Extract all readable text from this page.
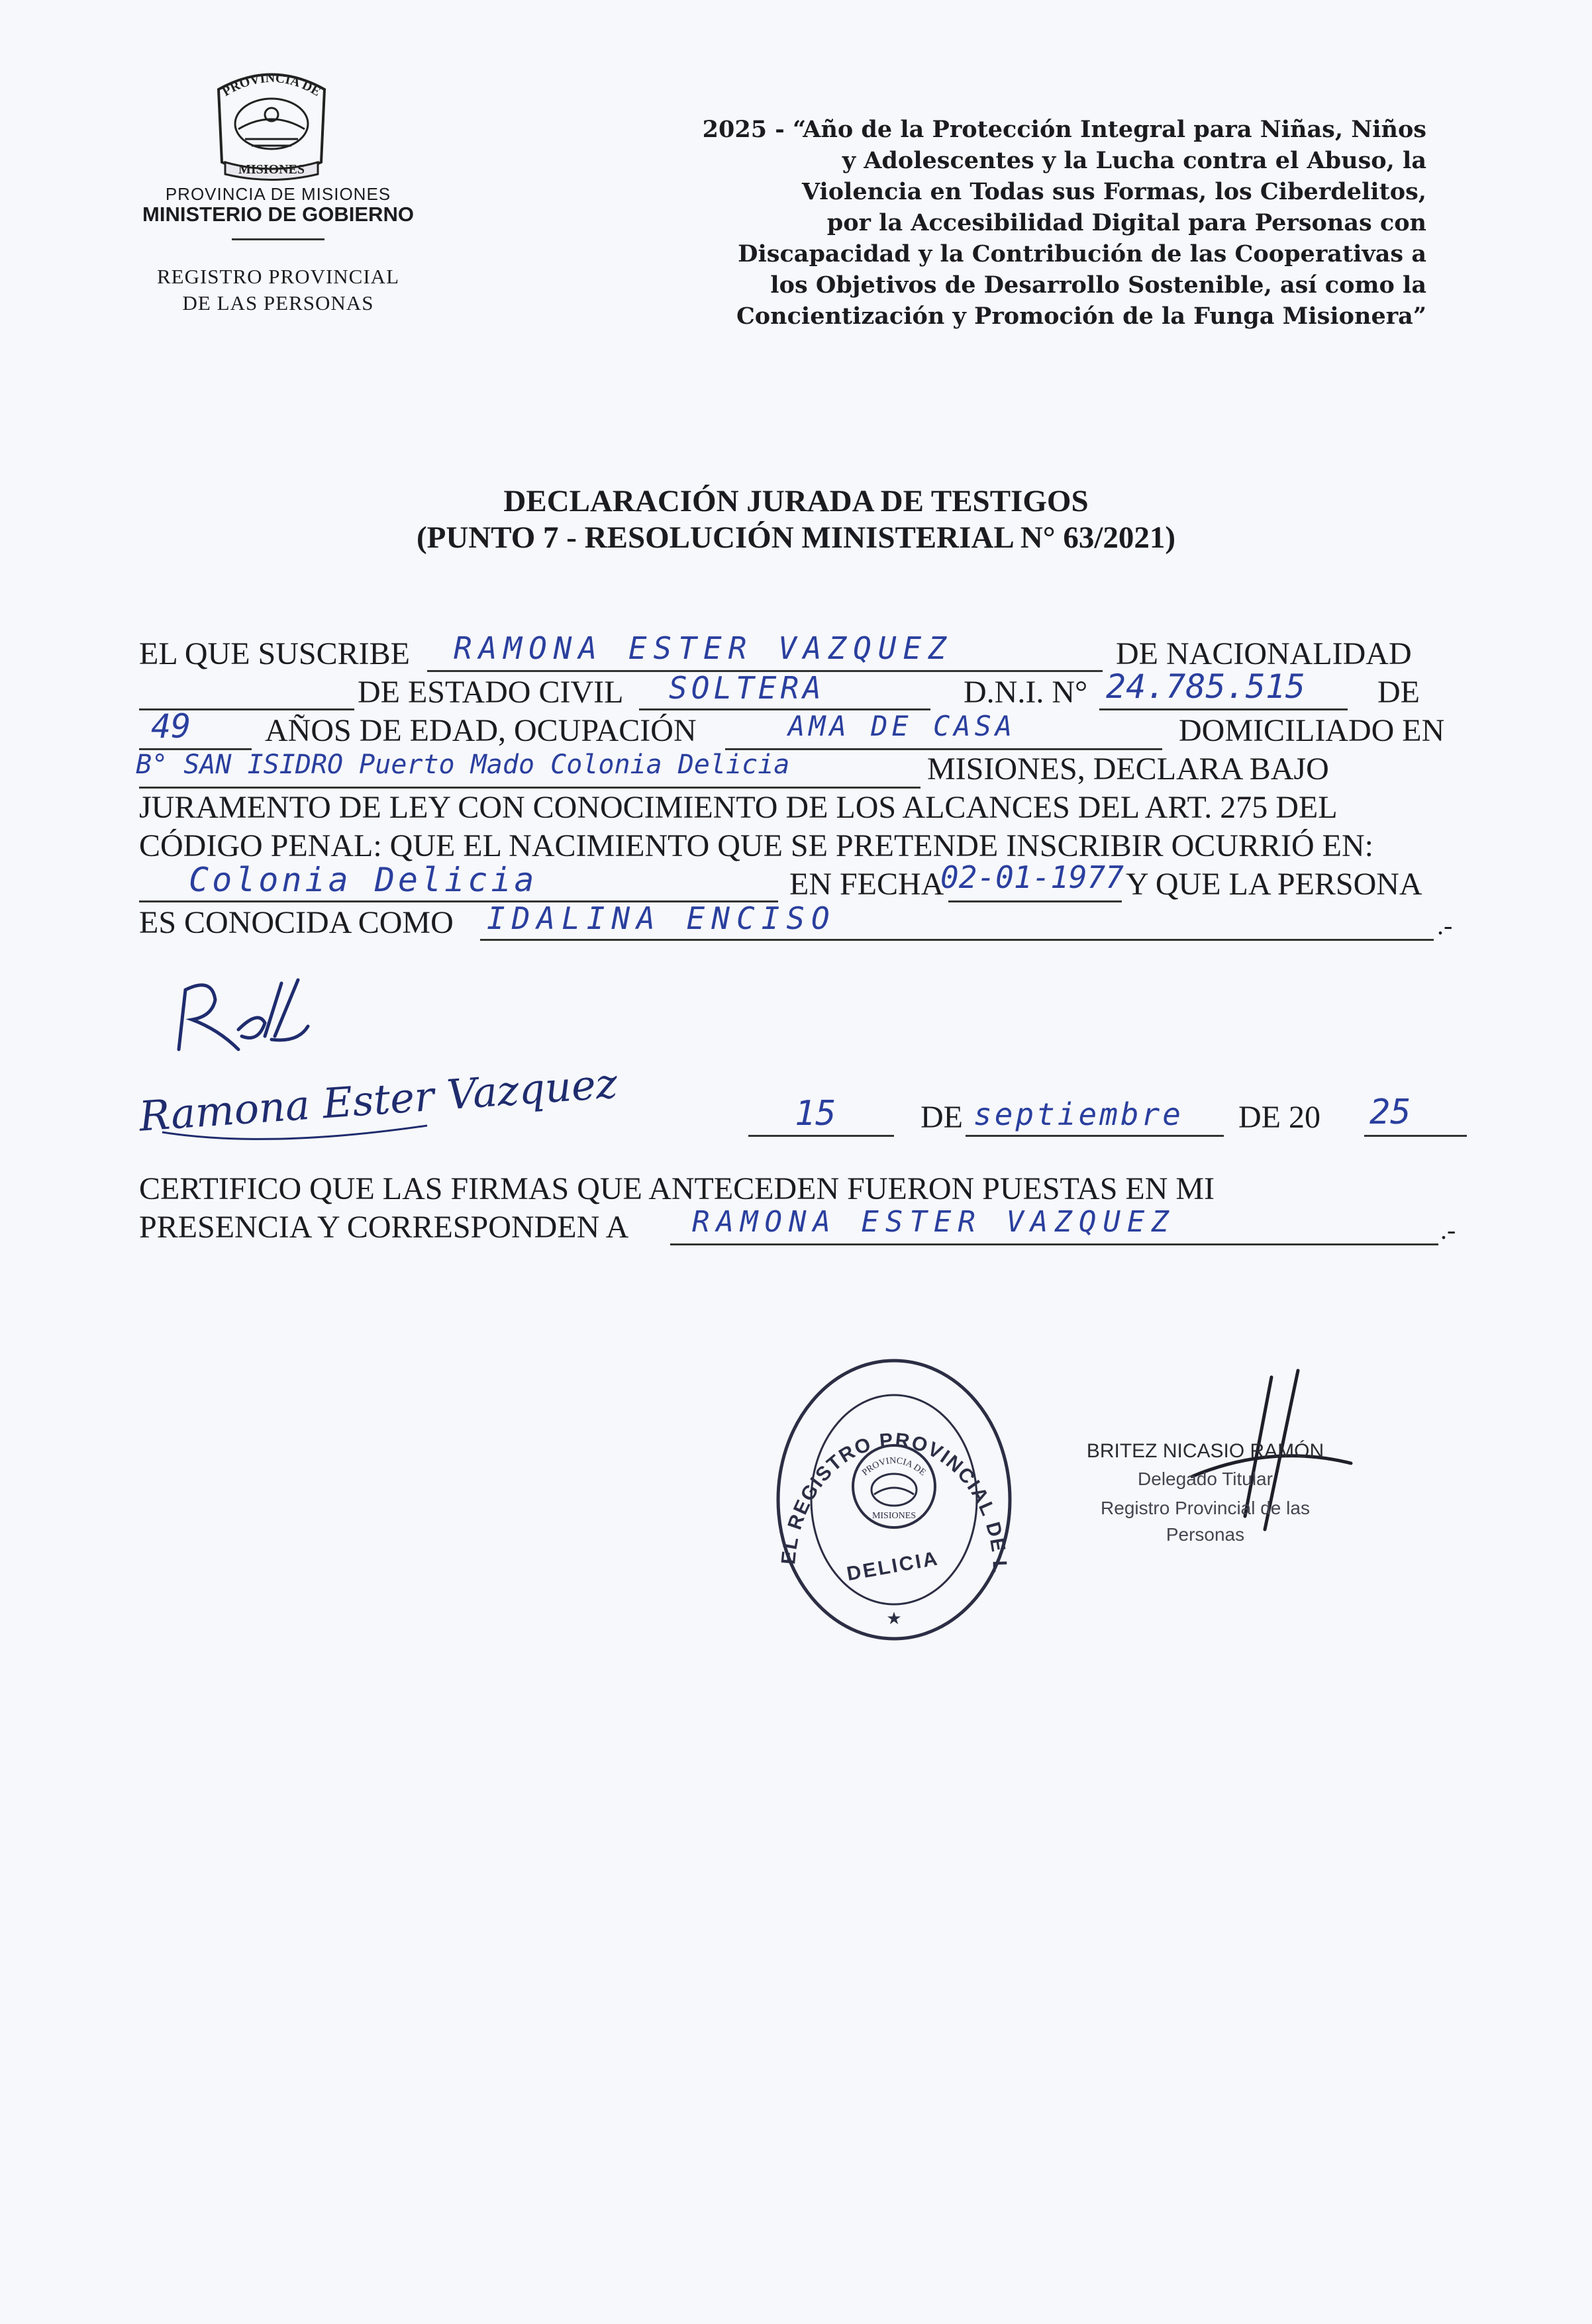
PROVINCIA DE
MISIONES
PROVINCIA DE MISIONES
MINISTERIO DE GOBIERNO
REGISTRO PROVINCIAL
DE LAS PERSONAS
2025 - “Año de la Protección Integral para Niñas, Niños
y Adolescentes y la Lucha contra el Abuso, la
Violencia en Todas sus Formas, los Ciberdelitos,
por la Accesibilidad Digital para Personas con
Discapacidad y la Contribución de las Cooperativas a
los Objetivos de Desarrollo Sostenible, así como la
Concientización y Promoción de la Funga Misionera”
DECLARACIÓN JURADA DE TESTIGOS
(PUNTO 7 - RESOLUCIÓN MINISTERIAL N° 63/2021)
EL QUE SUSCRIBE RAMONA ESTER VAZQUEZ	DE NACIONALIDAD
DE ESTADO CIVIL SOLTERA	D.N.I. N° 24.785.515 DE
49 AÑOS DE EDAD, OCUPACIÓN	AMA DE CASA	DOMICILIADO EN
B° SAN ISIDRO Puerto Mado Colonia Delicia	MISIONES, DECLARA BAJO
JURAMENTO DE LEY CON CONOCIMIENTO DE LOS ALCANCES DEL ART. 275 DEL
CÓDIGO PENAL: QUE EL NACIMIENTO QUE SE PRETENDE INSCRIBIR OCURRIÓ EN:
Colonia Delicia	EN FECHA
02-01-1977 Y QUE LA PERSONA
ES CONOCIDA COMO IDALINA ENCISO	.-
Ramona Ester Vazquez	15	DE septiembre DE 20 25
CERTIFICO QUE LAS FIRMAS QUE ANTECEDEN FUERON PUESTAS EN MI
PRESENCIA Y CORRESPONDEN A RAMONA ESTER VAZQUEZ	.-
EL REGISTRO PROVINCIAL DE L
PROVINCIA DE
MISIONES
DELICIA
★
BRITEZ NICASIO RAMÓN
Delegado Titular
Registro Provincial de las
Personas
